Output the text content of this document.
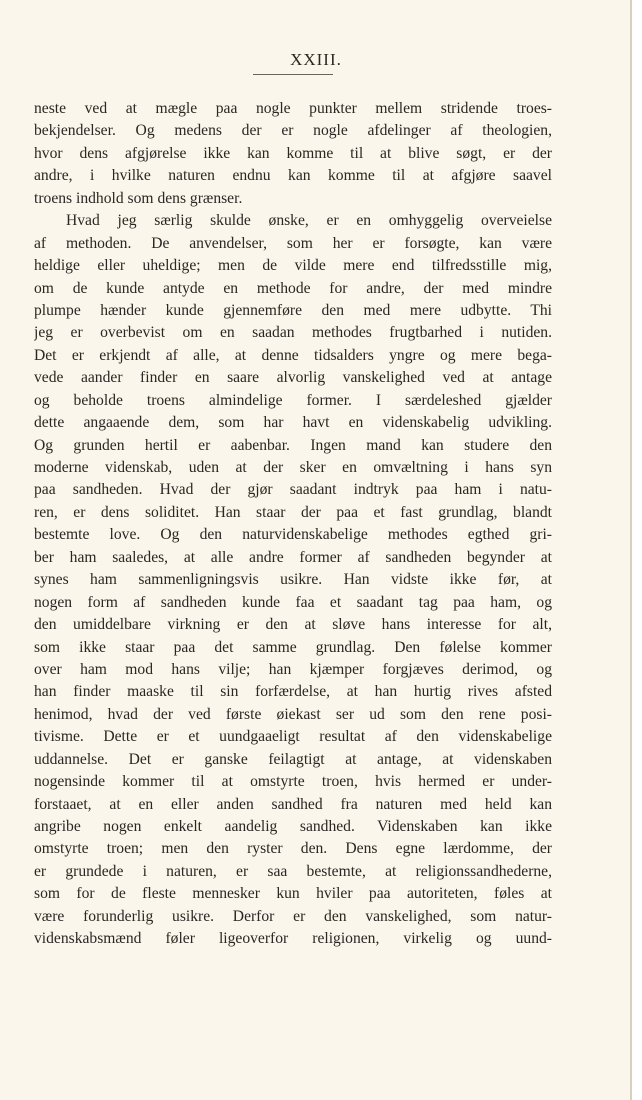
XXIII.
neste ved at mægle paa nogle punkter mellem stridende troes-
bekjendelser. Og medens der er nogle afdelinger af theologien,
hvor dens afgjørelse ikke kan komme til at blive søgt, er der
andre, i hvilke naturen endnu kan komme til at afgjøre saavel
troens indhold som dens grænser.
Hvad jeg særlig skulde ønske, er en omhyggelig overveielse
af methoden. De anvendelser, som her er forsøgte, kan være
heldige eller uheldige; men de vilde mere end tilfredsstille mig,
om de kunde antyde en methode for andre, der med mindre
plumpe hænder kunde gjennemføre den med mere udbytte. Thi
jeg er overbevist om en saadan methodes frugtbarhed i nutiden.
Det er erkjendt af alle, at denne tidsalders yngre og mere bega-
vede aander finder en saare alvorlig vanskelighed ved at antage
og beholde troens almindelige former. I særdeleshed gjælder
dette angaaende dem, som har havt en videnskabelig udvikling.
Og grunden hertil er aabenbar. Ingen mand kan studere den
moderne videnskab, uden at der sker en omvæltning i hans syn
paa sandheden. Hvad der gjør saadant indtryk paa ham i natu-
ren, er dens soliditet. Han staar der paa et fast grundlag, blandt
bestemte love. Og den naturvidenskabelige methodes egthed gri-
ber ham saaledes, at alle andre former af sandheden begynder at
synes ham sammenligningsvis usikre. Han vidste ikke før, at
nogen form af sandheden kunde faa et saadant tag paa ham, og
den umiddelbare virkning er den at sløve hans interesse for alt,
som ikke staar paa det samme grundlag. Den følelse kommer
over ham mod hans vilje; han kjæmper forgjæves derimod, og
han finder maaske til sin forfærdelse, at han hurtig rives afsted
henimod, hvad der ved første øiekast ser ud som den rene posi-
tivisme. Dette er et uundgaaeligt resultat af den videnskabelige
uddannelse. Det er ganske feilagtigt at antage, at videnskaben
nogensinde kommer til at omstyrte troen, hvis hermed er under-
forstaaet, at en eller anden sandhed fra naturen med held kan
angribe nogen enkelt aandelig sandhed. Videnskaben kan ikke
omstyrte troen; men den ryster den. Dens egne lærdomme, der
er grundede i naturen, er saa bestemte, at religionssandhederne,
som for de fleste mennesker kun hviler paa autoriteten, føles at
være forunderlig usikre. Derfor er den vanskelighed, som natur-
videnskabsmænd føler ligeoverfor religionen, virkelig og uund-
